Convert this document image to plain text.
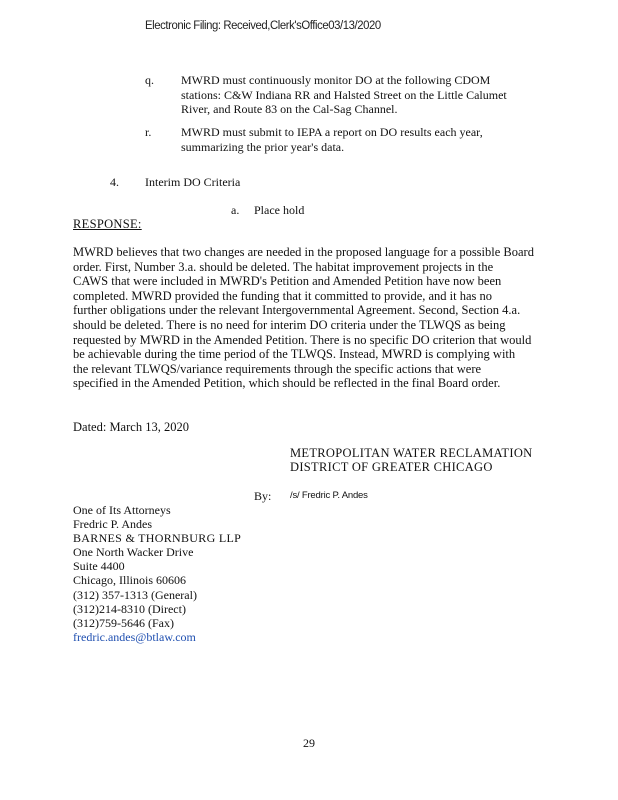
Electronic Filing: Received,Clerk'sOffice03/13/2020
q.	MWRD must continuously monitor DO at the following CDOM stations: C&W Indiana RR and Halsted Street on the Little Calumet River, and Route 83 on the Cal-Sag Channel.
r.	MWRD must submit to IEPA a report on DO results each year, summarizing the prior year's data.
4. Interim DO Criteria
a. Place hold
RESPONSE:
MWRD believes that two changes are needed in the proposed language for a possible Board
order. First, Number 3.a. should be deleted. The habitat improvement projects in the
CAWS that were included in MWRD's Petition and Amended Petition have now been
completed. MWRD provided the funding that it committed to provide, and it has no
further obligations under the relevant Intergovernmental Agreement. Second, Section 4.a.
should be deleted. There is no need for interim DO criteria under the TLWQS as being
requested by MWRD in the Amended Petition. There is no specific DO criterion that would
be achievable during the time period of the TLWQS. Instead, MWRD is complying with
the relevant TLWQS/variance requirements through the specific actions that were
specified in the Amended Petition, which should be reflected in the final Board order.
Dated: March 13, 2020
METROPOLITAN WATER RECLAMATION
DISTRICT OF GREATER CHICAGO
By: /s/ Fredric P. Andes
One of Its Attorneys
Fredric P. Andes
BARNES & THORNBURG LLP
One North Wacker Drive
Suite 4400
Chicago, Illinois 60606
(312) 357-1313 (General)
(312)214-8310 (Direct)
(312)759-5646 (Fax)
fredric.andes@btlaw.com
29
